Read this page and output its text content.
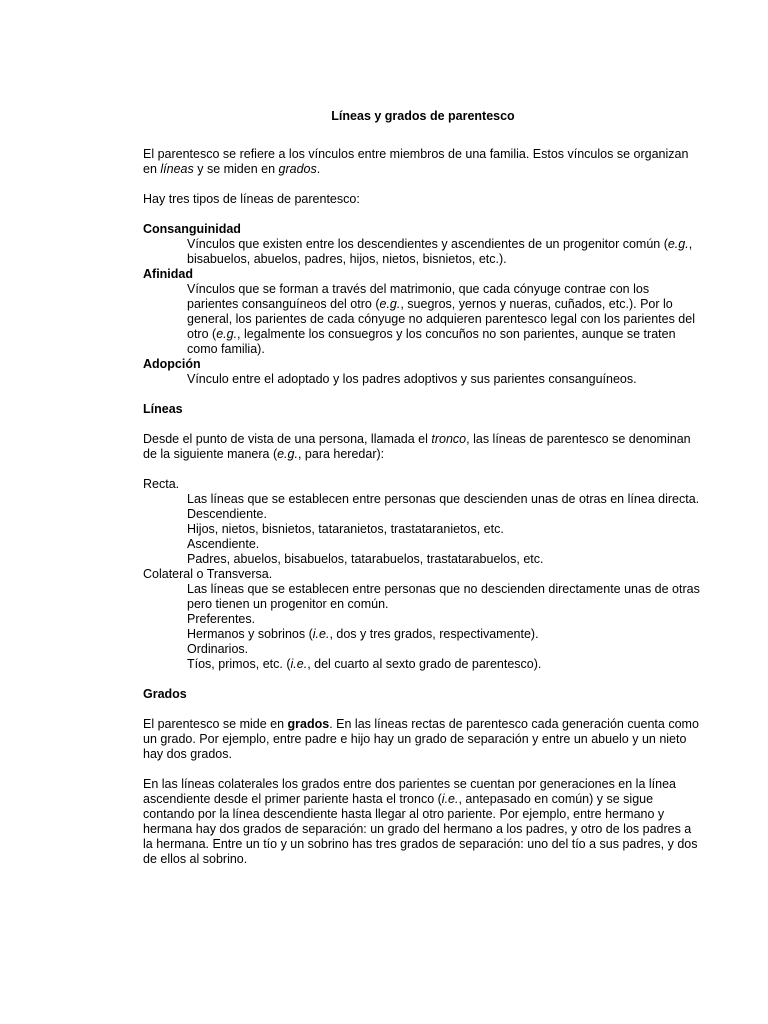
Líneas y grados de parentesco

El parentesco se refiere a los vínculos entre miembros de una familia. Estos vínculos se organizan en líneas y se miden en grados.

Hay tres tipos de líneas de parentesco:

Consanguinidad

Vínculos que existen entre los descendientes y ascendientes de un progenitor común (e.g., bisabuelos, abuelos, padres, hijos, nietos, bisnietos, etc.).

Afinidad

Vínculos que se forman a través del matrimonio, que cada cónyuge contrae con los parientes consanguíneos del otro (e.g., suegros, yernos y nueras, cuñados, etc.). Por lo general, los parientes de cada cónyuge no adquieren parentesco legal con los parientes del otro (e.g., legalmente los consuegros y los concuños no son parientes, aunque se traten como familia).

Adopción

Vínculo entre el adoptado y los padres adoptivos y sus parientes consanguíneos.

Líneas

Desde el punto de vista de una persona, llamada el tronco, las líneas de parentesco se denominan de la siguiente manera (e.g., para heredar):

Recta.

Las líneas que se establecen entre personas que descienden unas de otras en línea directa.

Descendiente.

Hijos, nietos, bisnietos, tataranietos, trastataranietos, etc.

Ascendiente.

Padres, abuelos, bisabuelos, tatarabuelos, trastatarabuelos, etc.

Colateral o Transversa.

Las líneas que se establecen entre personas que no descienden directamente unas de otras pero tienen un progenitor en común.

Preferentes.

Hermanos y sobrinos (i.e., dos y tres grados, respectivamente).

Ordinarios.

Tíos, primos, etc. (i.e., del cuarto al sexto grado de parentesco).

Grados

El parentesco se mide en grados. En las líneas rectas de parentesco cada generación cuenta como un grado. Por ejemplo, entre padre e hijo hay un grado de separación y entre un abuelo y un nieto hay dos grados.

En las líneas colaterales los grados entre dos parientes se cuentan por generaciones en la línea ascendiente desde el primer pariente hasta el tronco (i.e., antepasado en común) y se sigue contando por la línea descendiente hasta llegar al otro pariente. Por ejemplo, entre hermano y hermana hay dos grados de separación: un grado del hermano a los padres, y otro de los padres a la hermana. Entre un tío y un sobrino has tres grados de separación: uno del tío a sus padres, y dos de ellos al sobrino.
